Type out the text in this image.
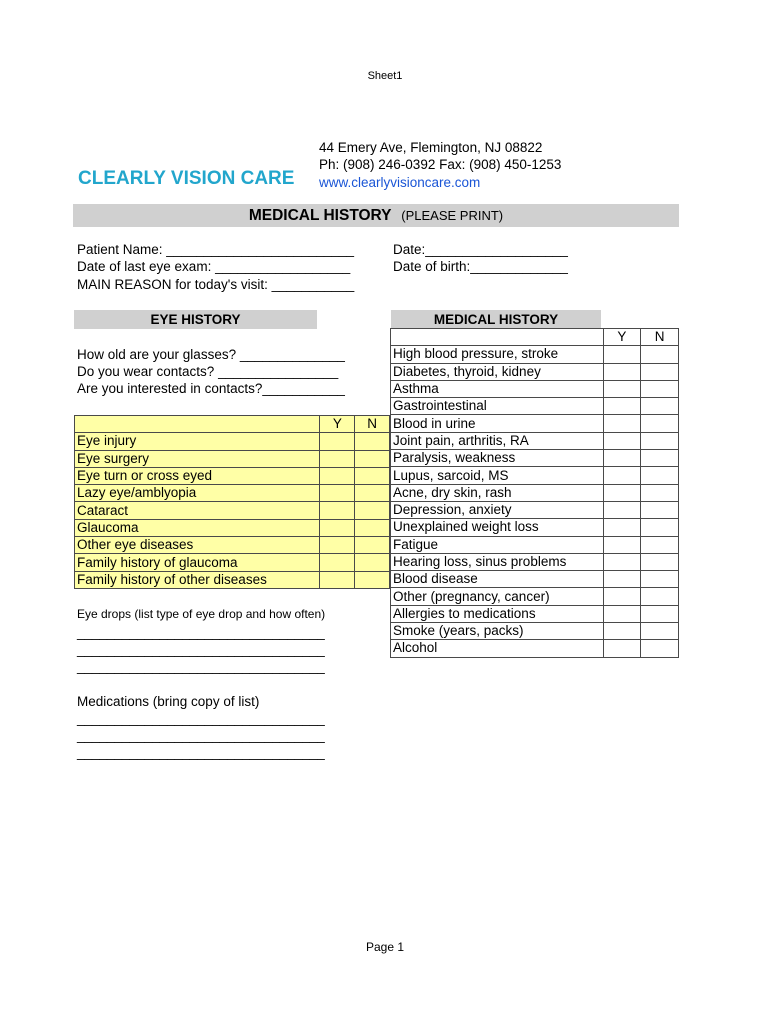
Sheet1
44 Emery Ave, Flemington, NJ 08822
Ph: (908) 246-0392 Fax: (908) 450-1253
www.clearlyvisioncare.com
CLEARLY VISION CARE
MEDICAL HISTORY (PLEASE PRINT)
Patient Name: _________________________	Date:___________________
Date of last eye exam: __________________	Date of birth:_____________
MAIN REASON for today's visit: ___________
EYE HISTORY	MEDICAL HISTORY
How old are your glasses? ______________
Do you wear contacts? ________________
Are you interested in contacts?___________
	Y	N
Eye injury		
Eye surgery		
Eye turn or cross eyed		
Lazy eye/amblyopia		
Cataract		
Glaucoma		
Other eye diseases		
Family history of glaucoma		
Family history of other diseases		
	Y	N
High blood pressure, stroke		
Diabetes, thyroid, kidney		
Asthma		
Gastrointestinal		
Blood in urine		
Joint pain, arthritis, RA		
Paralysis, weakness		
Lupus, sarcoid, MS		
Acne, dry skin, rash		
Depression, anxiety		
Unexplained weight loss		
Fatigue		
Hearing loss, sinus problems		
Blood disease		
Other (pregnancy, cancer)		
Allergies to medications		
Smoke (years, packs)		
Alcohol		
Eye drops (list type of eye drop and how often)
_________________________________
_________________________________
_________________________________
Medications (bring copy of list)
_________________________________
_________________________________
_________________________________
Page 1
